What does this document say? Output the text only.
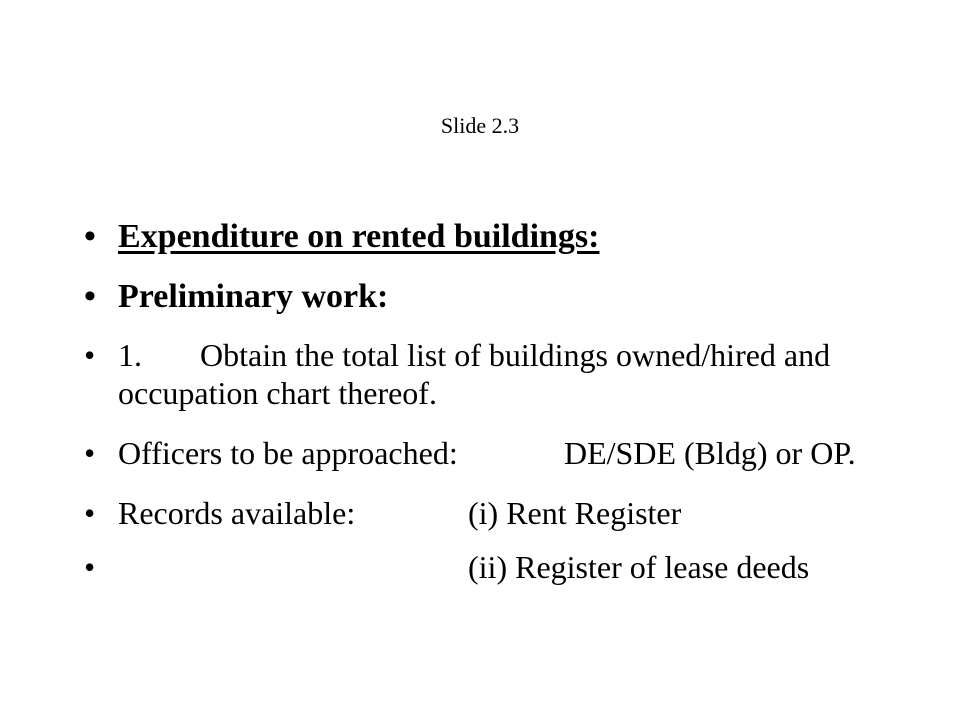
Slide 2.3
• Expenditure on rented buildings:
• Preliminary work:
• 1. Obtain the total list of buildings owned/hired and occupation chart thereof.
• Officers to be approached:	DE/SDE (Bldg) or OP.
• Records available:	(i) Rent Register
•	(ii) Register of lease deeds
